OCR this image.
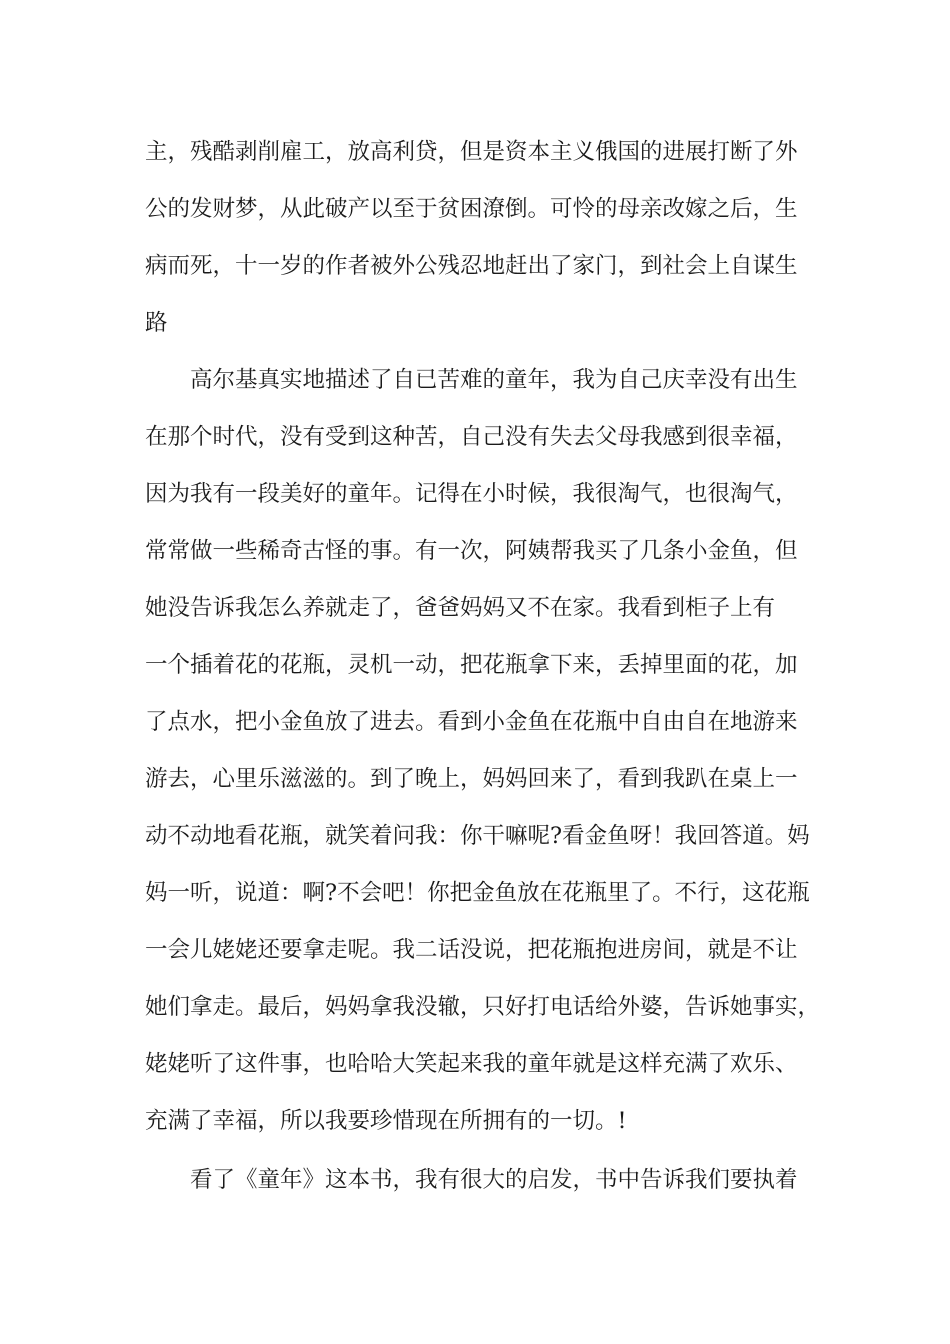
主，残酷剥削雇工，放高利贷，但是资本主义俄国的进展打断了外
公的发财梦，从此破产以至于贫困潦倒。可怜的母亲改嫁之后，生
病而死，十一岁的作者被外公残忍地赶出了家门，到社会上自谋生
路
高尔基真实地描述了自已苦难的童年，我为自己庆幸没有出生
在那个时代，没有受到这种苦，自己没有失去父母我感到很幸福，
因为我有一段美好的童年。记得在小时候，我很淘气，也很淘气，
常常做一些稀奇古怪的事。有一次，阿姨帮我买了几条小金鱼，但
她没告诉我怎么养就走了，爸爸妈妈又不在家。我看到柜子上有
一个插着花的花瓶，灵机一动，把花瓶拿下来，丢掉里面的花，加
了点水，把小金鱼放了进去。看到小金鱼在花瓶中自由自在地游来
游去，心里乐滋滋的。到了晚上，妈妈回来了，看到我趴在桌上一
动不动地看花瓶，就笑着问我：你干嘛呢?看金鱼呀！我回答道。妈
妈一听，说道：啊?不会吧！你把金鱼放在花瓶里了。不行，这花瓶
一会儿姥姥还要拿走呢。我二话没说，把花瓶抱进房间，就是不让
她们拿走。最后，妈妈拿我没辙，只好打电话给外婆，告诉她事实，
姥姥听了这件事，也哈哈大笑起来我的童年就是这样充满了欢乐、
充满了幸福，所以我要珍惜现在所拥有的一切。!
看了《童年》这本书，我有很大的启发，书中告诉我们要执着
